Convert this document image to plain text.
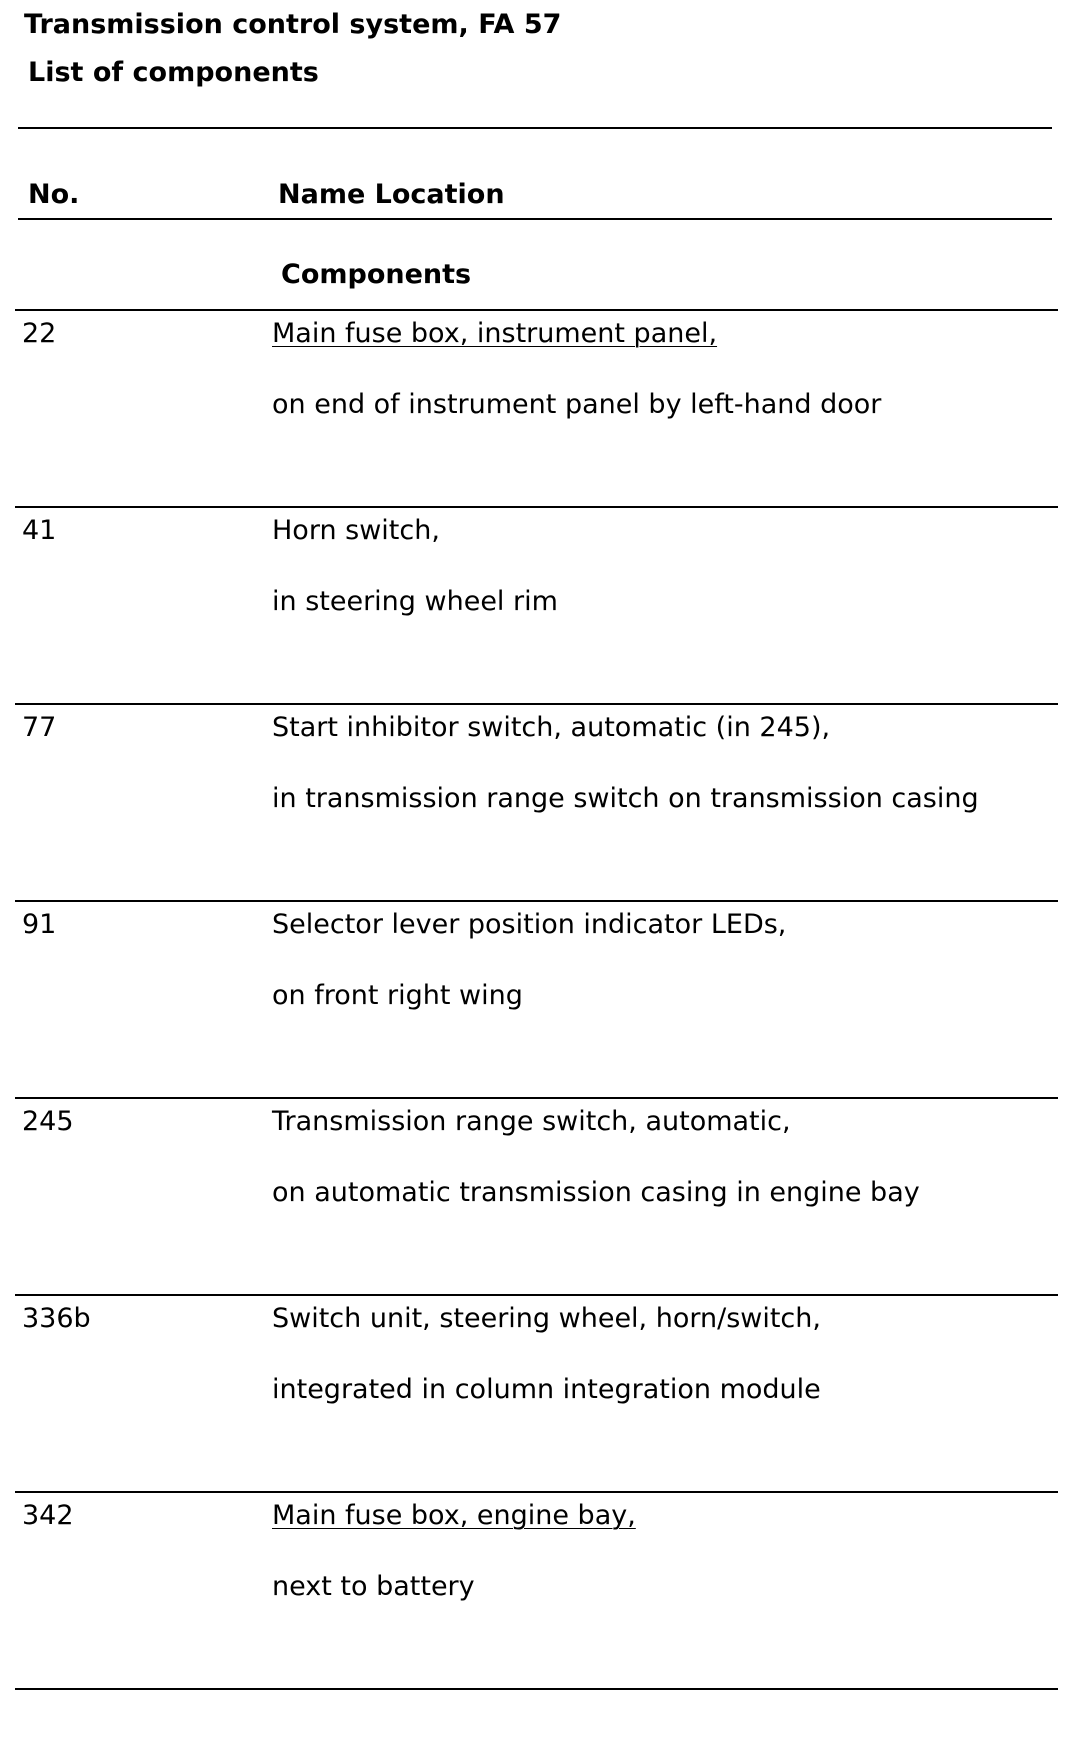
Transmission control system, FA 57
List of components
No.	Name Location
Components
22	Main fuse box, instrument panel,
on end of instrument panel by left-hand door
41	Horn switch,
in steering wheel rim
77	Start inhibitor switch, automatic (in 245),
in transmission range switch on transmission casing
91	Selector lever position indicator LEDs,
on front right wing
245	Transmission range switch, automatic,
on automatic transmission casing in engine bay
336b	Switch unit, steering wheel, horn/switch,
integrated in column integration module
342	Main fuse box, engine bay,
next to battery
